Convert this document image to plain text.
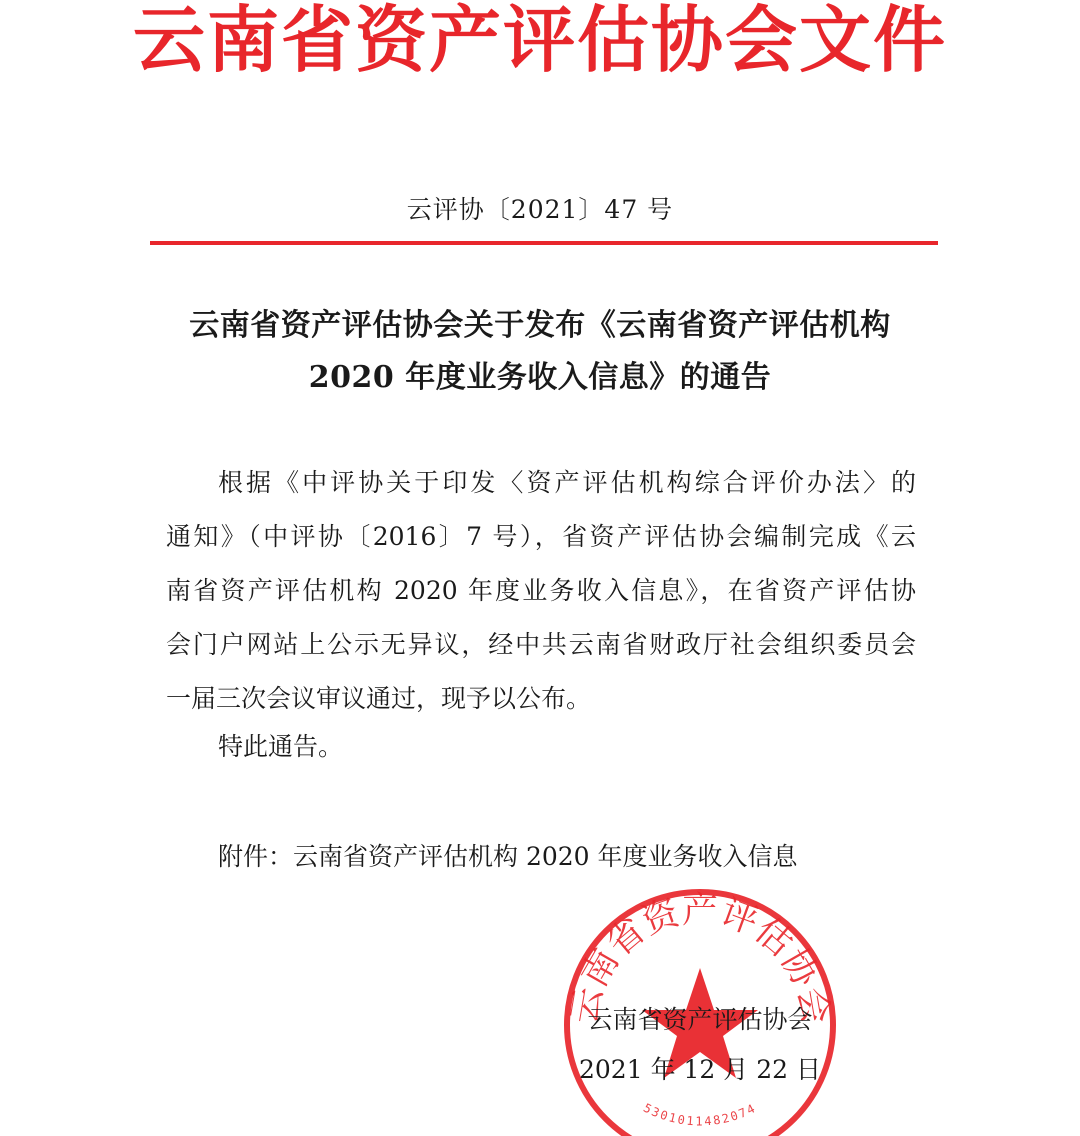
云南省资产评估协会文件
云评协〔2021〕47 号
云南省资产评估协会关于发布《云南省资产评估机构
2020 年度业务收入信息》的通告
根据《中评协关于印发〈资产评估机构综合评价办法〉的
通知》（中评协〔2016〕7 号），省资产评估协会编制完成《云
南省资产评估机构 2020 年度业务收入信息》，在省资产评估协
会门户网站上公示无异议，经中共云南省财政厅社会组织委员会
一届三次会议审议通过，现予以公布。
特此通告。
附件：云南省资产评估机构 2020 年度业务收入信息
云南省资产评估协会
5301011482074
云南省资产评估协会
2021 年 12 月 22 日
